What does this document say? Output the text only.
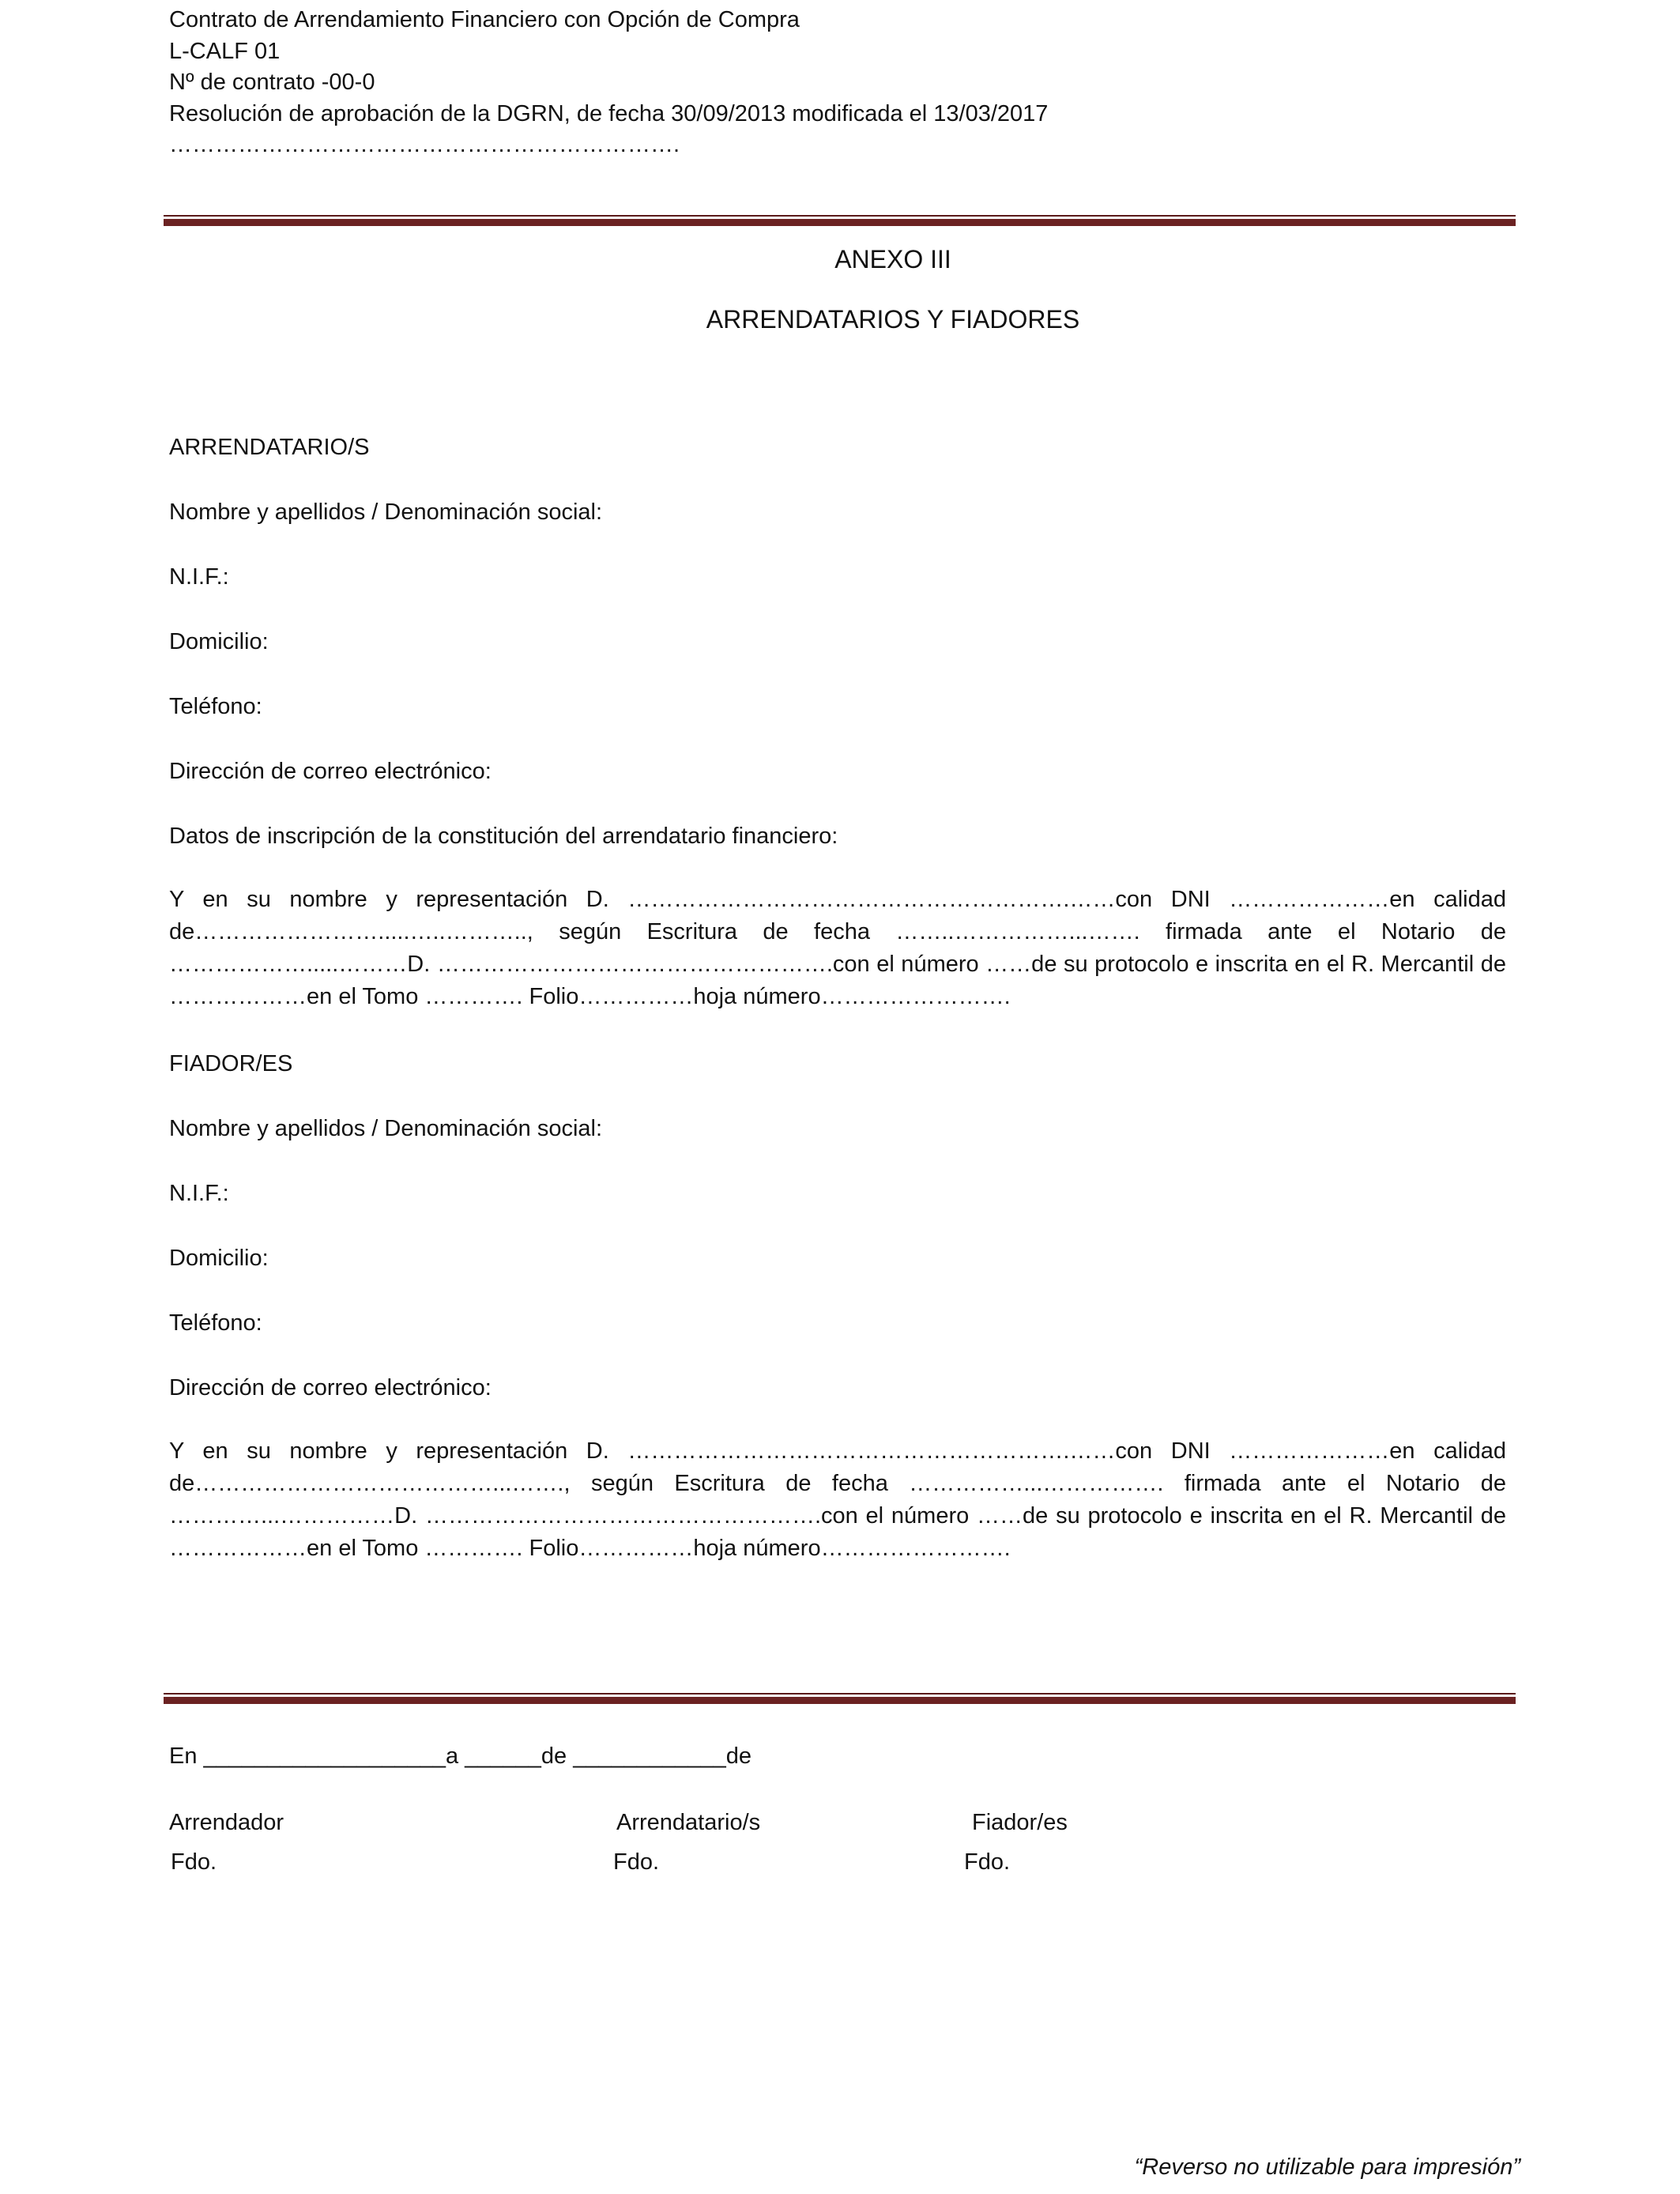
Contrato de Arrendamiento Financiero con Opción de Compra
L-CALF 01
Nº de contrato -00-0
Resolución de aprobación de la DGRN, de fecha 30/09/2013 modificada el 13/03/2017
………………………………………………………….
ANEXO III
ARRENDATARIOS Y FIADORES
ARRENDATARIO/S
Nombre y apellidos / Denominación social:
N.I.F.:
Domicilio:
Teléfono:
Dirección de correo electrónico:
Datos de inscripción de la constitución del arrendatario financiero:
Y en su nombre y representación D. ………………………………………………….……con DNI …………………en calidad de…………………….....…..……….., según Escritura de fecha ……..……………...……. firmada ante el Notario de ……………….....………D. …………………………………………….con el número ……de su protocolo e inscrita en el R. Mercantil de ………………en el Tomo …………. Folio……………hoja número…………………….
FIADOR/ES
Nombre y apellidos / Denominación social:
N.I.F.:
Domicilio:
Teléfono:
Dirección de correo electrónico:
Y en su nombre y representación D. ………………………………………………….……con DNI …………………en calidad de…………………………………...……., según Escritura de fecha ……………...……………. firmada ante el Notario de …………...……………D. …………………………………………….con el número ……de su protocolo e inscrita en el R. Mercantil de ………………en el Tomo …………. Folio……………hoja número…………………….
En ___________________a ______de ____________de
Arrendador	Arrendatario/s	Fiador/es
Fdo.	Fdo.	Fdo.
“Reverso no utilizable para impresión”
